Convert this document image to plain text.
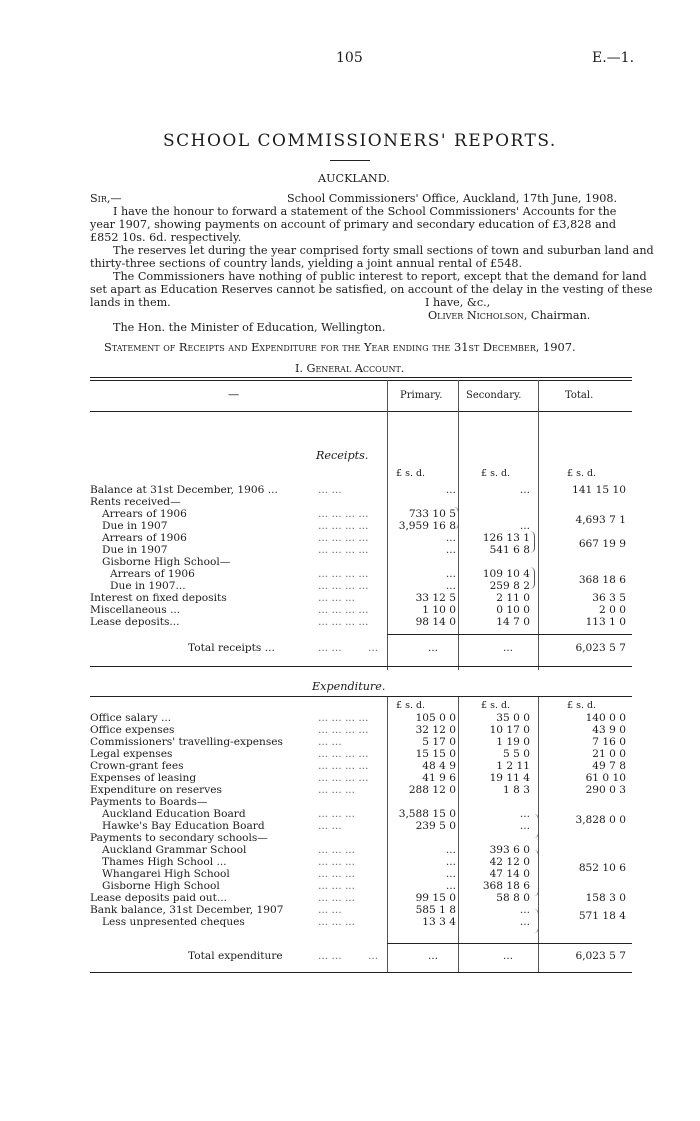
105	E.—1.
SCHOOL COMMISSIONERS' REPORTS.
AUCKLAND.
Sir,—	School Commissioners' Office, Auckland, 17th June, 1908.
I have the honour to forward a statement of the School Commissioners' Accounts for the
year 1907, showing payments on account of primary and secondary education of £3,828 and
£852 10s. 6d. respectively.
The reserves let during the year comprised forty small sections of town and suburban land and
thirty-three sections of country lands, yielding a joint annual rental of £548.
The Commissioners have nothing of public interest to report, except that the demand for land
set apart as Education Reserves cannot be satisfied, on account of the delay in the vesting of these
lands in them.	I have, &c.,
Oliver Nicholson, Chairman.
The Hon. the Minister of Education, Wellington.
Statement of Receipts and Expenditure for the Year ending the 31st December, 1907.
I. General Account.
—	Primary. Secondary.	Total.
Receipts.
£ s. d.	£ s. d.	£ s. d.
Balance at 31st December, 1906 ...	... ...	...	...	141 15 10
Rents received—
Arrears of 1906	... ... ... ...	733 10 5
Due in 1907	... ... ... ...	3,959 16 8	...	4,693 7 1
Arrears of 1906	... ... ... ...	...	126 13 1
Due in 1907	... ... ... ...	...	541 6 8	667 19 9
Gisborne High School—
Arrears of 1906	... ... ... ...	...	109 10 4
Due in 1907...	... ... ... ...	...	259 8 2	368 18 6
Interest on fixed deposits	... ... ...	33 12 5	2 11 0	36 3 5
Miscellaneous ...	... ... ... ...	1 10 0	0 10 0	2 0 0
Lease deposits...	... ... ... ...	98 14 0	14 7 0	113 1 0
Total receipts ...	... ... ...	...	...	6,023 5 7
Expenditure.
£ s. d.	£ s. d.	£ s. d.
Office salary ...	... ... ... ...	105 0 0	35 0 0	140 0 0
Office expenses	... ... ... ...	32 12 0	10 17 0	43 9 0
Commissioners' travelling-expenses	... ...	5 17 0	1 19 0	7 16 0
Legal expenses	... ... ... ...	15 15 0	5 5 0	21 0 0
Crown-grant fees	... ... ... ...	48 4 9	1 2 11	49 7 8
Expenses of leasing	... ... ... ...	41 9 6	19 11 4	61 0 10
Expenditure on reserves	... ... ...	288 12 0	1 8 3	290 0 3
Payments to Boards—
Auckland Education Board	... ... ...	3,588 15 0	...
Hawke's Bay Education Board	... ...	239 5 0	...	3,828 0 0
Payments to secondary schools—
Auckland Grammar School	... ... ...	...	393 6 0
Thames High School ...	... ... ...	...	42 12 0
Whangarei High School	... ... ...	...	47 14 0	852 10 6
Gisborne High School	... ... ...	...	368 18 6
Lease deposits paid out...	... ... ...	99 15 0	58 8 0	158 3 0
Bank balance, 31st December, 1907	... ...	585 1 8	...
Less unpresented cheques	... ... ...	13 3 4	...	571 18 4
Total expenditure	... ... ...	...	...	6,023 5 7
